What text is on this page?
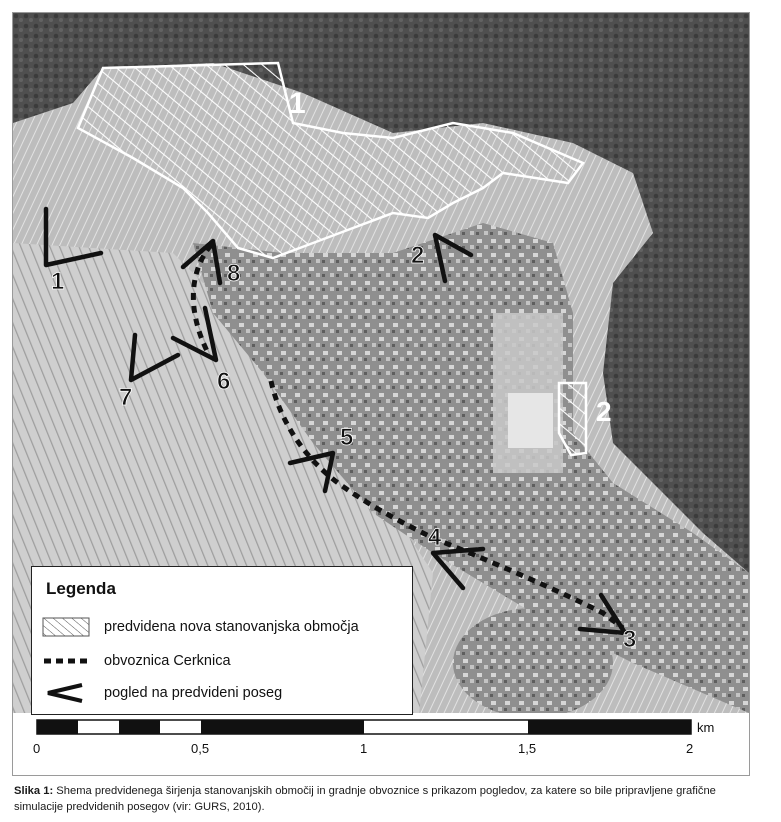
1
2
1
2
3
4
5
6
7
8
km
0	0,5	1	1,5	2
Legenda
predvidena nova stanovanjska območja
obvoznica Cerknica
pogled na predvideni poseg
Slika 1: Shema predvidenega širjenja stanovanjskih območij in gradnje obvoznice s prikazom pogledov, za katere so bile pripravljene grafične simulacije predvidenih posegov (vir: GURS, 2010).
